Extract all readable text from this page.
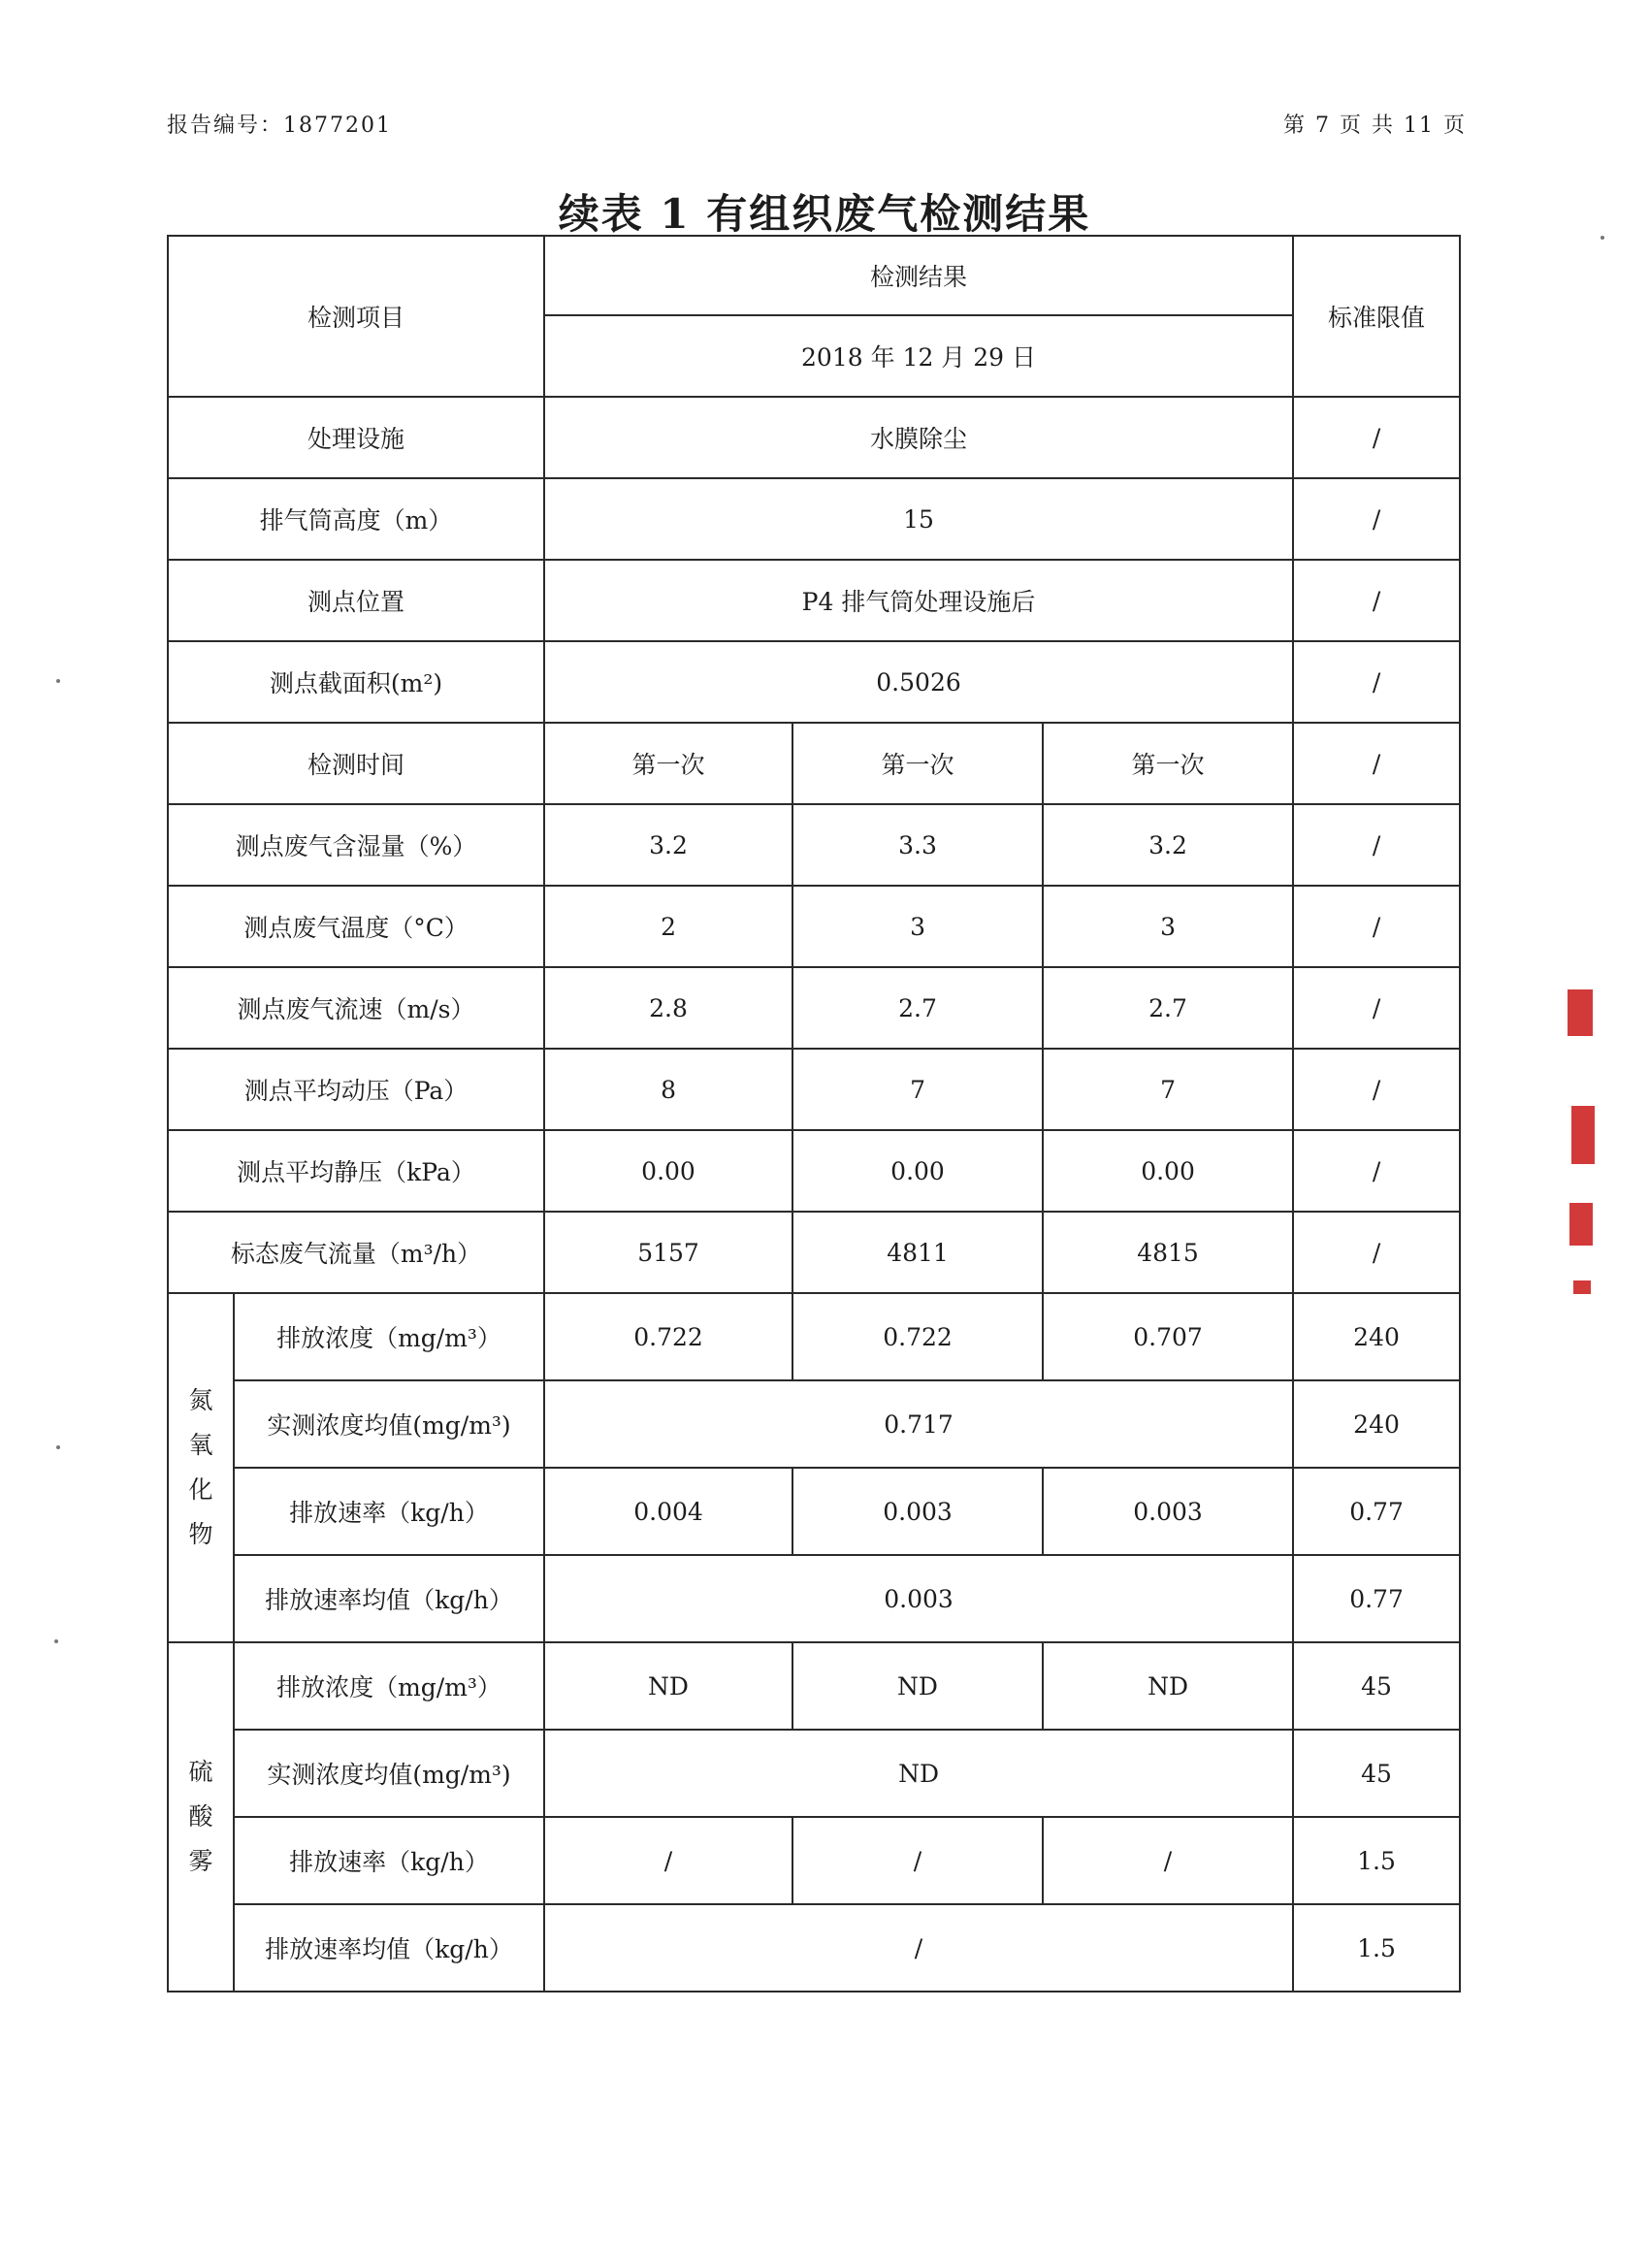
报告编号：1877201	第 7 页 共 11 页
续表 1 有组织废气检测结果
检测项目		检测结果			标准限值
		2018 年 12 月 29 日			
处理设施		水膜除尘			/
排气筒高度（m）		15			/
测点位置		P4 排气筒处理设施后			/
测点截面积(m²)		0.5026			/
检测时间		第一次	第一次	第一次	/
测点废气含湿量（%）		3.2	3.3	3.2	/
测点废气温度（°C）		2	3	3	/
测点废气流速（m/s）		2.8	2.7	2.7	/
测点平均动压（Pa）		8	7	7	/
测点平均静压（kPa）		0.00	0.00	0.00	/
标态废气流量（m³/h）		5157	4811	4815	/

氮
氧
化
物	排放浓度（mg/m³）	0.722	0.722	0.707	240
	实测浓度均值(mg/m³)	0.717			240
	排放速率（kg/h）	0.004	0.003	0.003	0.77
	排放速率均值（kg/h）	0.003			0.77

硫
酸
雾	排放浓度（mg/m³）	ND	ND	ND	45
	实测浓度均值(mg/m³)	ND			45
	排放速率（kg/h）	/	/	/	1.5
	排放速率均值（kg/h）	/			1.5
